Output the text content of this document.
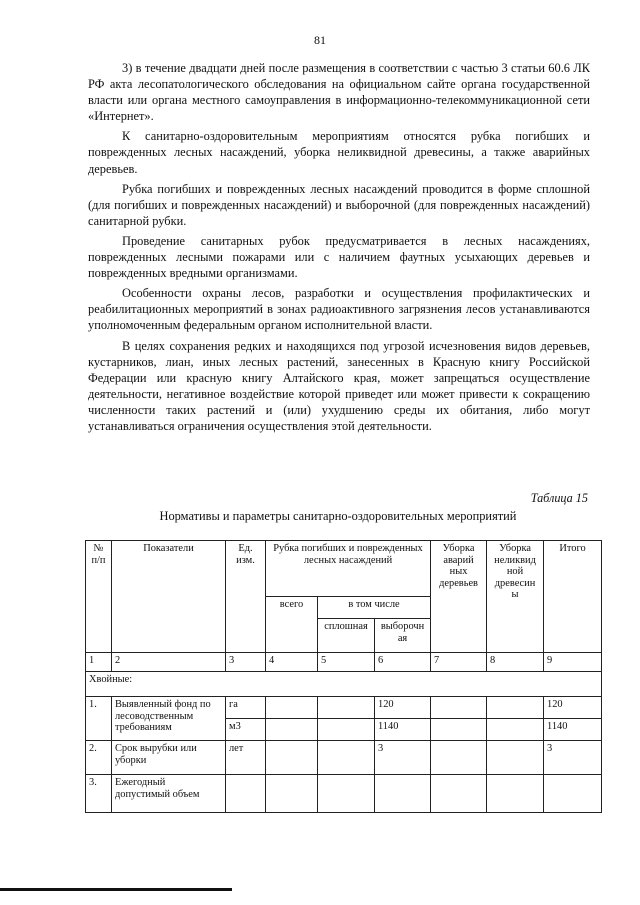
81

3) в течение двадцати дней после размещения в соответствии с частью 3 статьи 60.6 ЛК РФ акта лесопатологического обследования на официальном сайте органа государственной власти или органа местного самоуправления в информационно-телекоммуникационной сети «Интернет».

К санитарно-оздоровительным мероприятиям относятся рубка погибших и поврежденных лесных насаждений, уборка неликвидной древесины, а также аварийных деревьев.

Рубка погибших и поврежденных лесных насаждений проводится в форме сплошной (для погибших и поврежденных насаждений) и выборочной (для поврежденных насаждений) санитарной рубки.

Проведение санитарных рубок предусматривается в лесных насаждениях, поврежденных лесными пожарами или с наличием фаутных усыхающих деревьев и поврежденных вредными организмами.

Особенности охраны лесов, разработки и осуществления профилактических и реабилитационных мероприятий в зонах радиоактивного загрязнения лесов устанавливаются уполномоченным федеральным органом исполнительной власти.

В целях сохранения редких и находящихся под угрозой исчезновения видов деревьев, кустарников, лиан, иных лесных растений, занесенных в Красную книгу Российской Федерации или красную книгу Алтайского края, может запрещаться осуществление деятельности, негативное воздействие которой приведет или может привести к сокращению численности таких растений и (или) ухудшению среды их обитания, либо могут устанавливаться ограничения осуществления этой деятельности.

Таблица 15
Нормативы и параметры санитарно-оздоровительных мероприятий
№ п/п	Показатели	Ед. изм.	Рубка погибших и поврежденных лесных насаждений			Уборка аварий ных деревьев	Уборка неликвид ной древесин ы	Итого
			всего	в том числе				
				сплошная	выборочн ая			
1	2	3	4	5	6	7	8	9
Хвойные:								
1.	Выявленный фонд по лесоводственным требованиям	га			120			120
		м3			1140			1140
2.	Срок вырубки или уборки	лет			3			3
3.	Ежегодный допустимый объем							
